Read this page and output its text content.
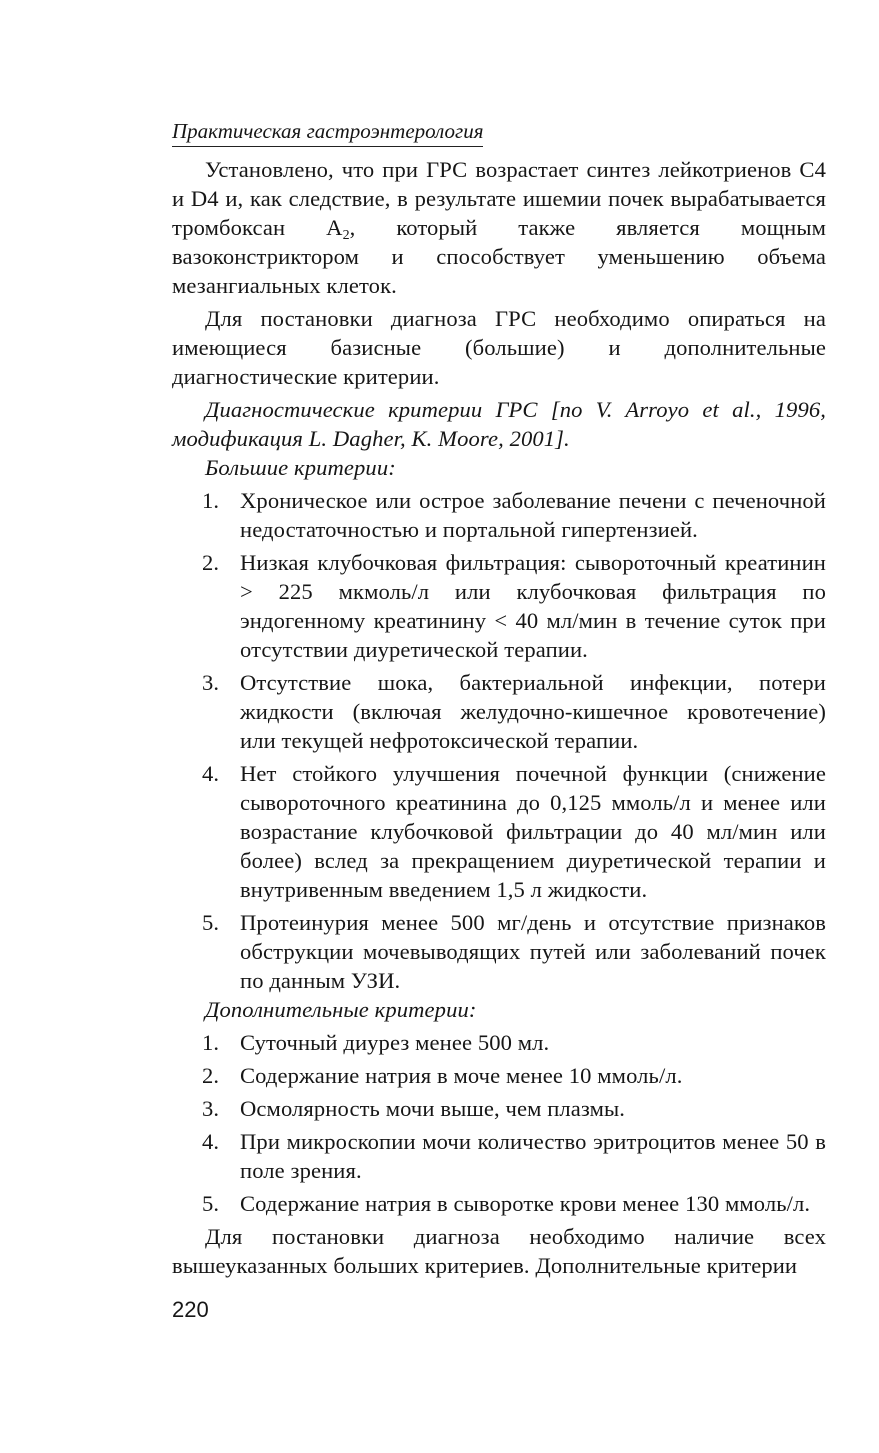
Практическая гастроэнтерология

Установлено, что при ГРС возрастает синтез лейкотриенов C4 и D4 и, как следствие, в результате ишемии почек вырабатывается тромбоксан $A_2$, который также является мощным вазоконстриктором и способствует уменьшению объема мезангиальных клеток.

Для постановки диагноза ГРС необходимо опираться на имеющиеся базисные (большие) и дополнительные диагностические критерии.

Диагностические критерии ГРС [по V. Arroyo et al., 1996, модификация L. Dagher, K. Moore, 2001].

Большие критерии:

1. Хроническое или острое заболевание печени с печеночной недостаточностью и портальной гипертензией.
2. Низкая клубочковая фильтрация: сывороточный креатинин > 225 мкмоль/л или клубочковая фильтрация по эндогенному креатинину < 40 мл/мин в течение суток при отсутствии диуретической терапии.
3. Отсутствие шока, бактериальной инфекции, потери жидкости (включая желудочно-кишечное кровотечение) или текущей нефротоксической терапии.
4. Нет стойкого улучшения почечной функции (снижение сывороточного креатинина до 0,125 ммоль/л и менее или возрастание клубочковой фильтрации до 40 мл/мин или более) вслед за прекращением диуретической терапии и внутривенным введением 1,5 л жидкости.
5. Протеинурия менее 500 мг/день и отсутствие признаков обструкции мочевыводящих путей или заболеваний почек по данным УЗИ.

Дополнительные критерии:

1. Суточный диурез менее 500 мл.
2. Содержание натрия в моче менее 10 ммоль/л.
3. Осмолярность мочи выше, чем плазмы.
4. При микроскопии мочи количество эритроцитов менее 50 в поле зрения.
5. Содержание натрия в сыворотке крови менее 130 ммоль/л.

Для постановки диагноза необходимо наличие всех вышеуказанных больших критериев. Дополнительные критерии

220
